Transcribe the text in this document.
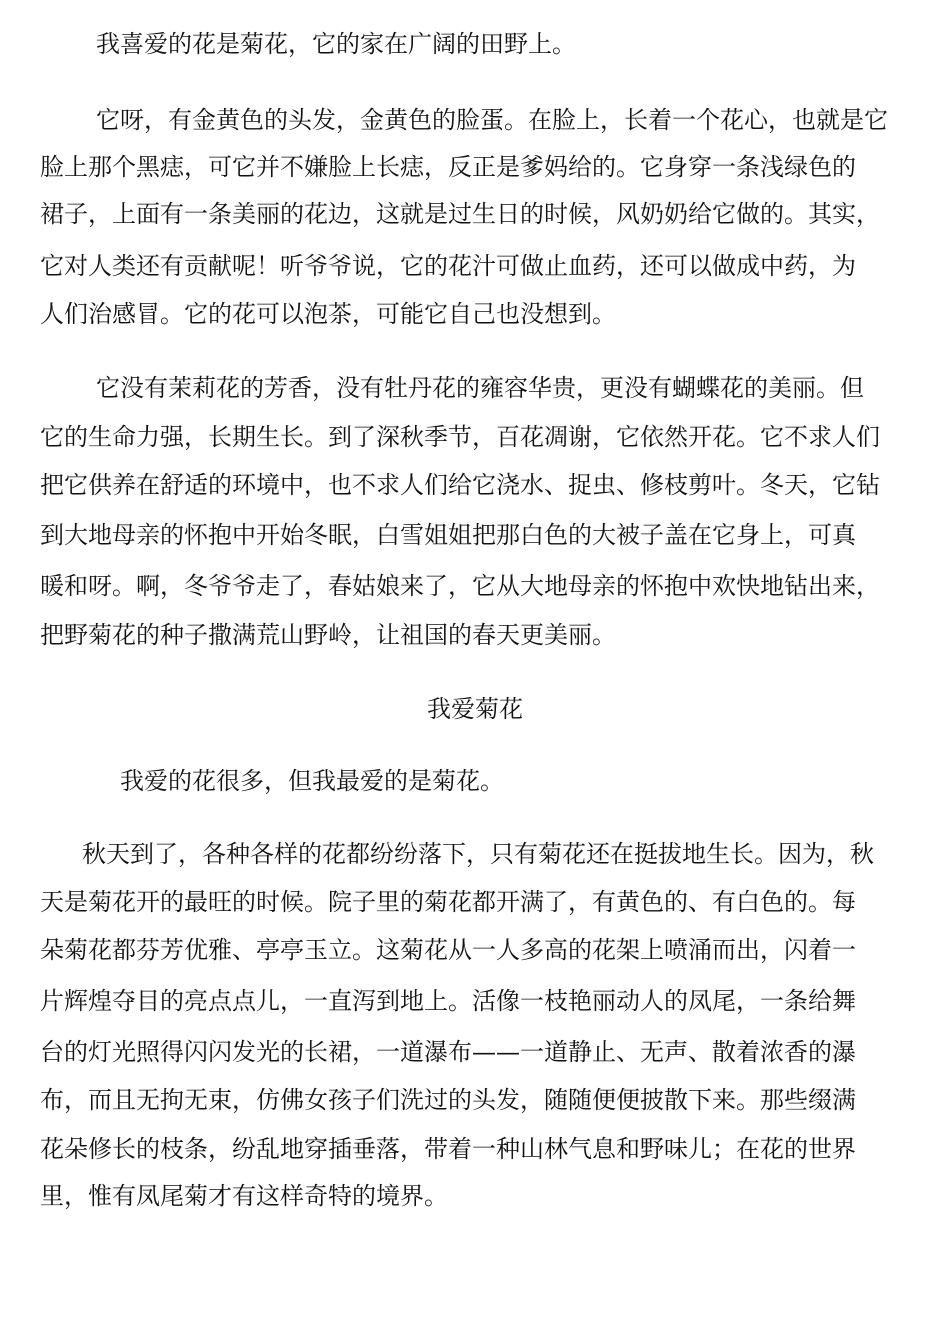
我喜爱的花是菊花，它的家在广阔的田野上。

它呀，有金黄色的头发，金黄色的脸蛋。在脸上，长着一个花心，也就是它

脸上那个黑痣，可它并不嫌脸上长痣，反正是爹妈给的。它身穿一条浅绿色的

裙子，上面有一条美丽的花边，这就是过生日的时候，风奶奶给它做的。其实，

它对人类还有贡献呢！听爷爷说，它的花汁可做止血药，还可以做成中药，为

人们治感冒。它的花可以泡茶，可能它自己也没想到。

它没有茉莉花的芳香，没有牡丹花的雍容华贵，更没有蝴蝶花的美丽。但

它的生命力强，长期生长。到了深秋季节，百花凋谢，它依然开花。它不求人们

把它供养在舒适的环境中，也不求人们给它浇水、捉虫、修枝剪叶。冬天，它钻

到大地母亲的怀抱中开始冬眠，白雪姐姐把那白色的大被子盖在它身上，可真

暖和呀。啊，冬爷爷走了，春姑娘来了，它从大地母亲的怀抱中欢快地钻出来，

把野菊花的种子撒满荒山野岭，让祖国的春天更美丽。

我爱菊花

我爱的花很多，但我最爱的是菊花。

秋天到了，各种各样的花都纷纷落下，只有菊花还在挺拔地生长。因为，秋

天是菊花开的最旺的时候。院子里的菊花都开满了，有黄色的、有白色的。每

朵菊花都芬芳优雅、亭亭玉立。这菊花从一人多高的花架上喷涌而出，闪着一

片辉煌夺目的亮点点儿，一直泻到地上。活像一枝艳丽动人的凤尾，一条给舞

台的灯光照得闪闪发光的长裙，一道瀑布——一道静止、无声、散着浓香的瀑

布，而且无拘无束，仿佛女孩子们洗过的头发，随随便便披散下来。那些缀满

花朵修长的枝条，纷乱地穿插垂落，带着一种山林气息和野味儿；在花的世界

里，惟有凤尾菊才有这样奇特的境界。
